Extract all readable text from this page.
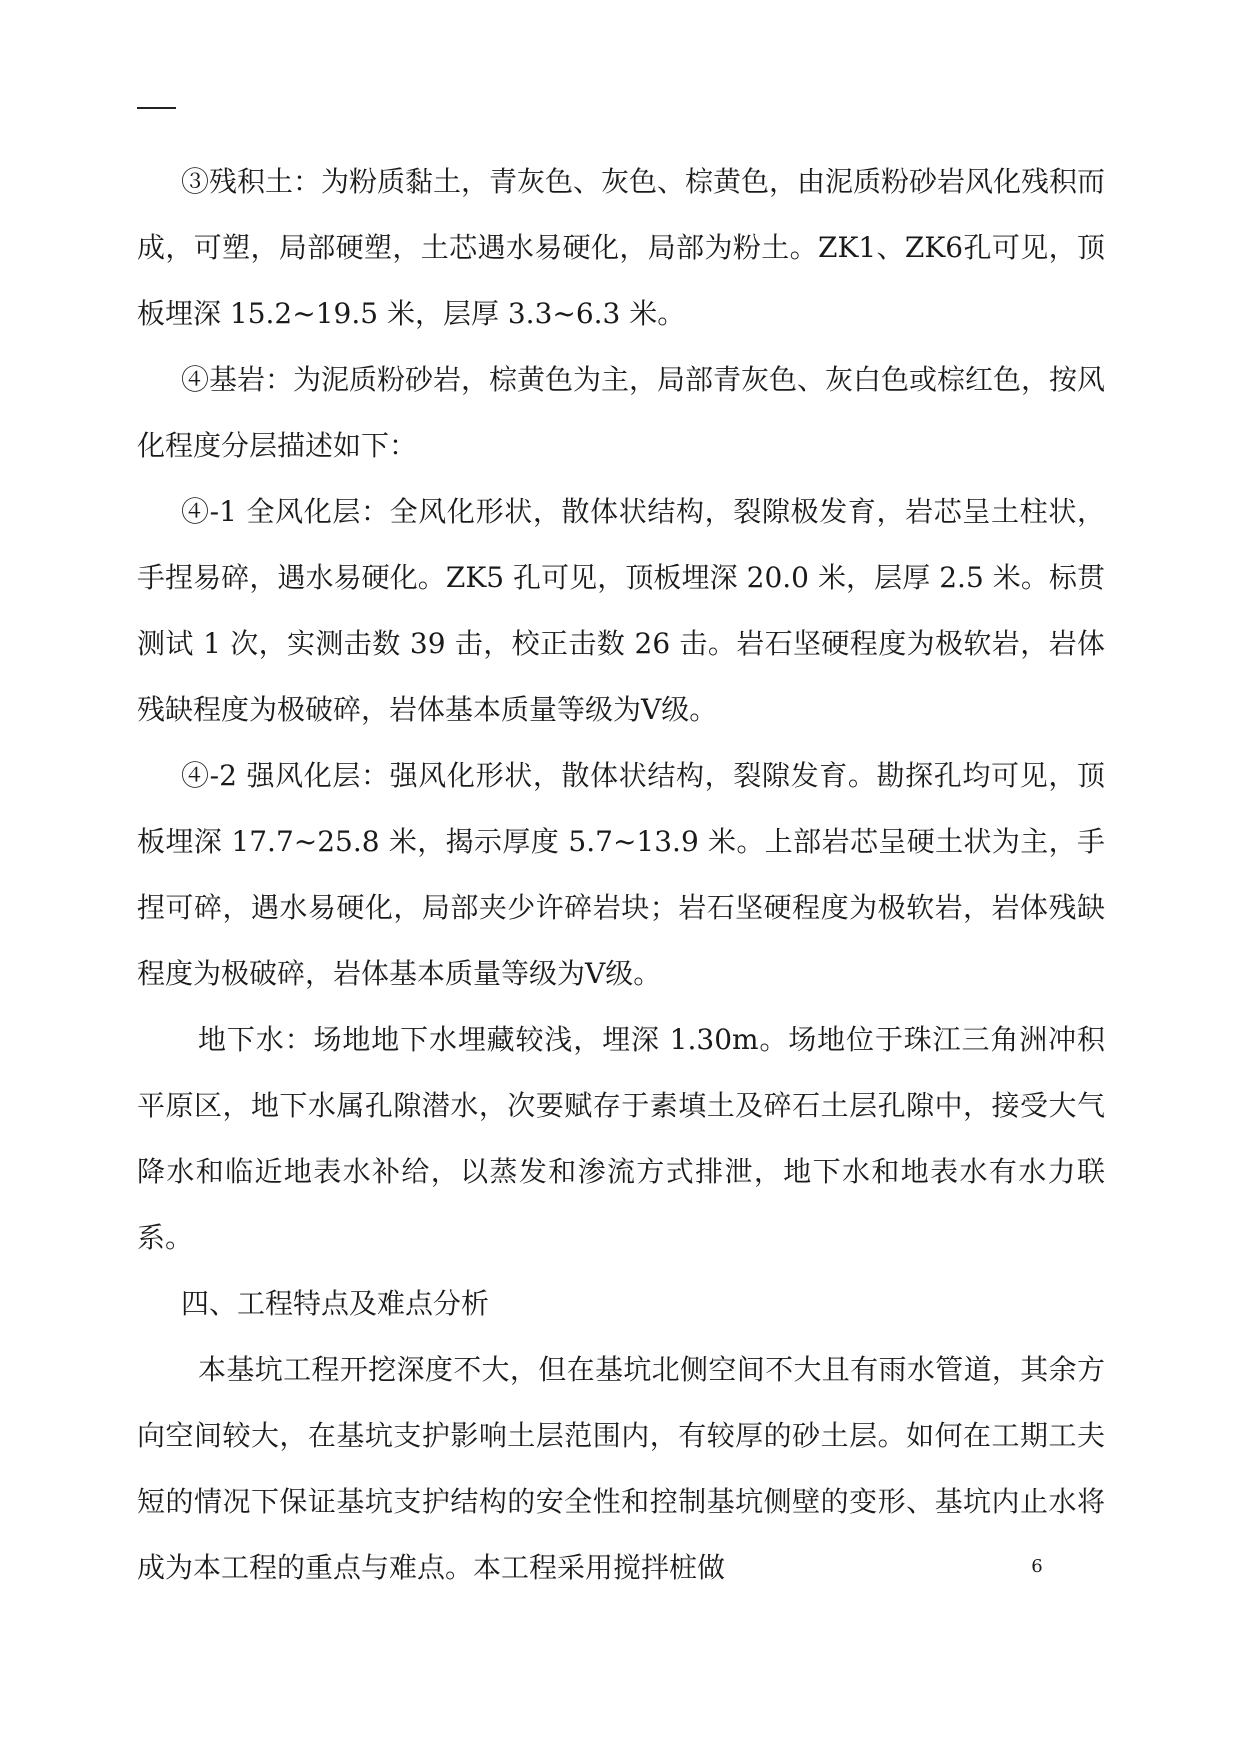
③残积土：为粉质黏土，青灰色、灰色、棕黄色，由泥质粉砂岩风化残积而成，可塑，局部硬塑，土芯遇水易硬化，局部为粉土。ZK1、ZK6孔可见，顶板埋深 15.2~19.5 米，层厚 3.3~6.3 米。

④基岩：为泥质粉砂岩，棕黄色为主，局部青灰色、灰白色或棕红色，按风化程度分层描述如下：

④-1 全风化层：全风化形状，散体状结构，裂隙极发育，岩芯呈土柱状，手捏易碎，遇水易硬化。ZK5 孔可见，顶板埋深 20.0 米，层厚 2.5 米。标贯测试 1 次，实测击数 39 击，校正击数 26 击。岩石坚硬程度为极软岩，岩体残缺程度为极破碎，岩体基本质量等级为Ⅴ级。

④-2 强风化层：强风化形状，散体状结构，裂隙发育。勘探孔均可见，顶板埋深 17.7~25.8 米，揭示厚度 5.7~13.9 米。上部岩芯呈硬土状为主，手捏可碎，遇水易硬化，局部夹少许碎岩块；岩石坚硬程度为极软岩，岩体残缺程度为极破碎，岩体基本质量等级为Ⅴ级。

地下水：场地地下水埋藏较浅，埋深 1.30m。场地位于珠江三角洲冲积平原区，地下水属孔隙潜水，次要赋存于素填土及碎石土层孔隙中，接受大气降水和临近地表水补给，以蒸发和渗流方式排泄，地下水和地表水有水力联系。

四、工程特点及难点分析

本基坑工程开挖深度不大，但在基坑北侧空间不大且有雨水管道，其余方向空间较大，在基坑支护影响土层范围内，有较厚的砂土层。如何在工期工夫短的情况下保证基坑支护结构的安全性和控制基坑侧壁的变形、基坑内止水将成为本工程的重点与难点。本工程采用搅拌桩做	6
